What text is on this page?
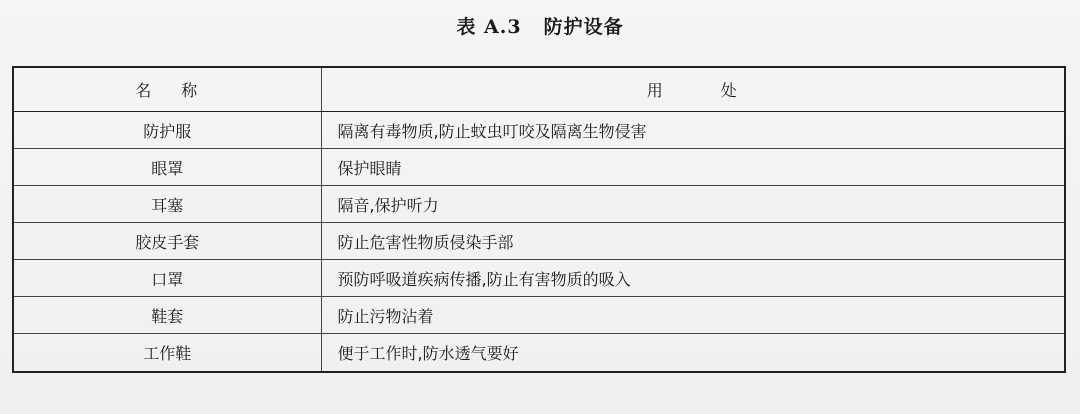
表 A.3 防护设备
名 称	用 处
防护服	隔离有毒物质,防止蚊虫叮咬及隔离生物侵害
眼罩	保护眼睛
耳塞	隔音,保护听力
胶皮手套	防止危害性物质侵染手部
口罩	预防呼吸道疾病传播,防止有害物质的吸入
鞋套	防止污物沾着
工作鞋	便于工作时,防水透气要好
